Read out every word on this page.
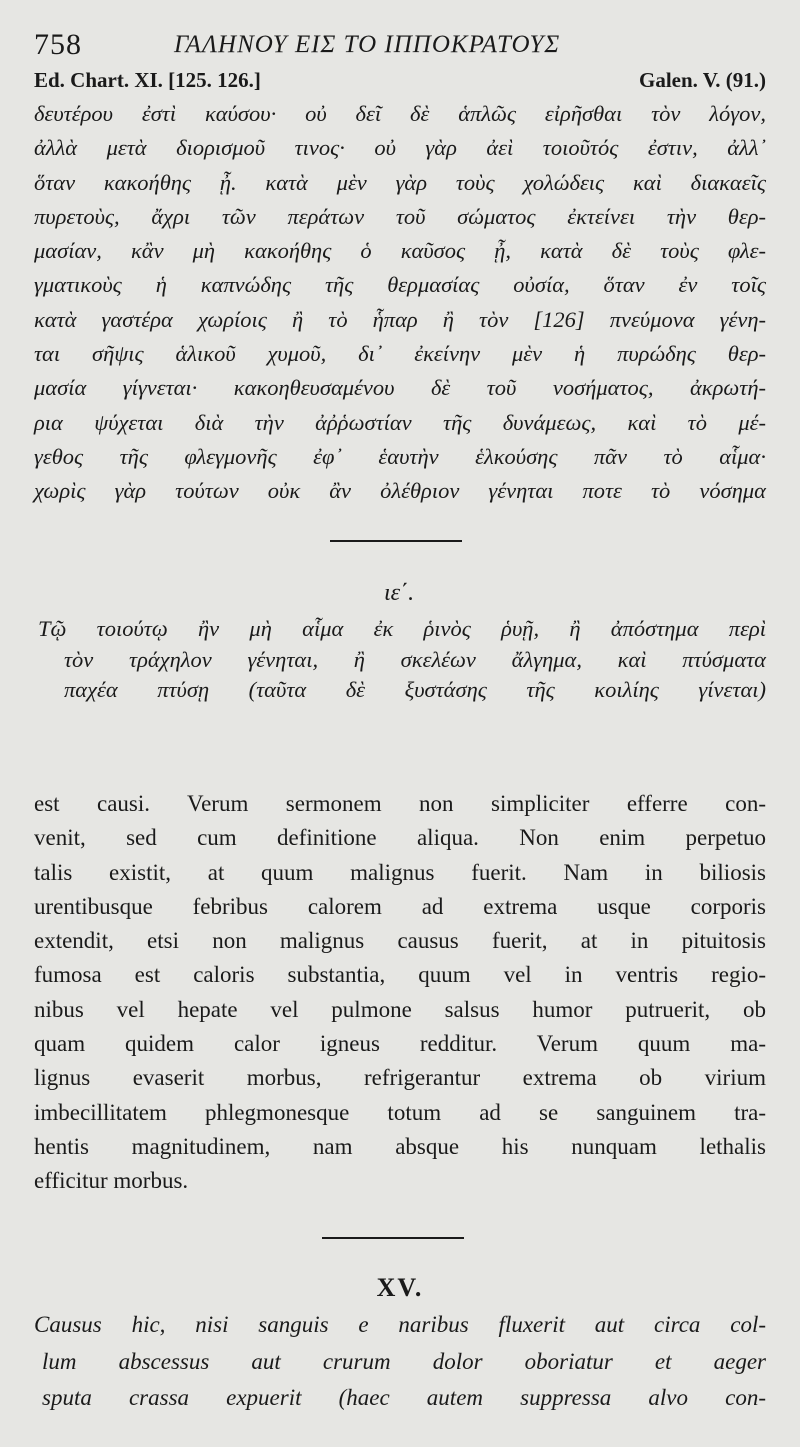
758	ΓΑΛΗΝΟΥ ΕΙΣ ΤΟ ΙΠΠΟΚΡΑΤΟΥΣ
Ed. Chart. XI. [125. 126.]	Galen. V. (91.)
δευτέρου ἐστὶ καύσου· οὐ δεῖ δὲ ἁπλῶς εἰρῆσθαι τὸν λόγον,
ἀλλὰ μετὰ διορισμοῦ τινος· οὐ γὰρ ἀεὶ τοιοῦτός ἐστιν, ἀλλ᾽
ὅταν κακοήθης ᾖ. κατὰ μὲν γὰρ τοὺς χολώδεις καὶ διακαεῖς
πυρετοὺς, ἄχρι τῶν περάτων τοῦ σώματος ἐκτείνει τὴν θερ-
μασίαν, κἂν μὴ κακοήθης ὁ καῦσος ᾖ, κατὰ δὲ τοὺς φλε-
γματικοὺς ἡ καπνώδης τῆς θερμασίας οὐσία, ὅταν ἐν τοῖς
κατὰ γαστέρα χωρίοις ἢ τὸ ἧπαρ ἢ τὸν [126] πνεύμονα γένη-
ται σῆψις ἁλικοῦ χυμοῦ, δι᾽ ἐκείνην μὲν ἡ πυρώδης θερ-
μασία γίγνεται· κακοηθευσαμένου δὲ τοῦ νοσήματος, ἀκρωτή-
ρια ψύχεται διὰ τὴν ἀῤῥωστίαν τῆς δυνάμεως, καὶ τὸ μέ-
γεθος τῆς φλεγμονῆς ἐφ᾽ ἑαυτὴν ἑλκούσης πᾶν τὸ αἷμα·
χωρὶς γὰρ τούτων οὐκ ἂν ὀλέθριον γένηται ποτε τὸ νόσημα
ιε΄.
Τῷ τοιούτῳ ἢν μὴ αἷμα ἐκ ῥινὸς ῥυῇ, ἢ ἀπόστημα περὶ
τὸν τράχηλον γένηται, ἢ σκελέων ἄλγημα, καὶ πτύσματα
παχέα πτύσῃ (ταῦτα δὲ ξυστάσης τῆς κοιλίης γίνεται)
est causi. Verum sermonem non simpliciter efferre con-
venit, sed cum definitione aliqua. Non enim perpetuo
talis existit, at quum malignus fuerit. Nam in biliosis
urentibusque febribus calorem ad extrema usque corporis
extendit, etsi non malignus causus fuerit, at in pituitosis
fumosa est caloris substantia, quum vel in ventris regio-
nibus vel hepate vel pulmone salsus humor putruerit, ob
quam quidem calor igneus redditur. Verum quum ma-
lignus evaserit morbus, refrigerantur extrema ob virium
imbecillitatem phlegmonesque totum ad se sanguinem tra-
hentis magnitudinem, nam absque his nunquam lethalis
efficitur morbus.
XV.
Causus hic, nisi sanguis e naribus fluxerit aut circa col-
lum abscessus aut crurum dolor oboriatur et aeger
sputa crassa expuerit (haec autem suppressa alvo con-
